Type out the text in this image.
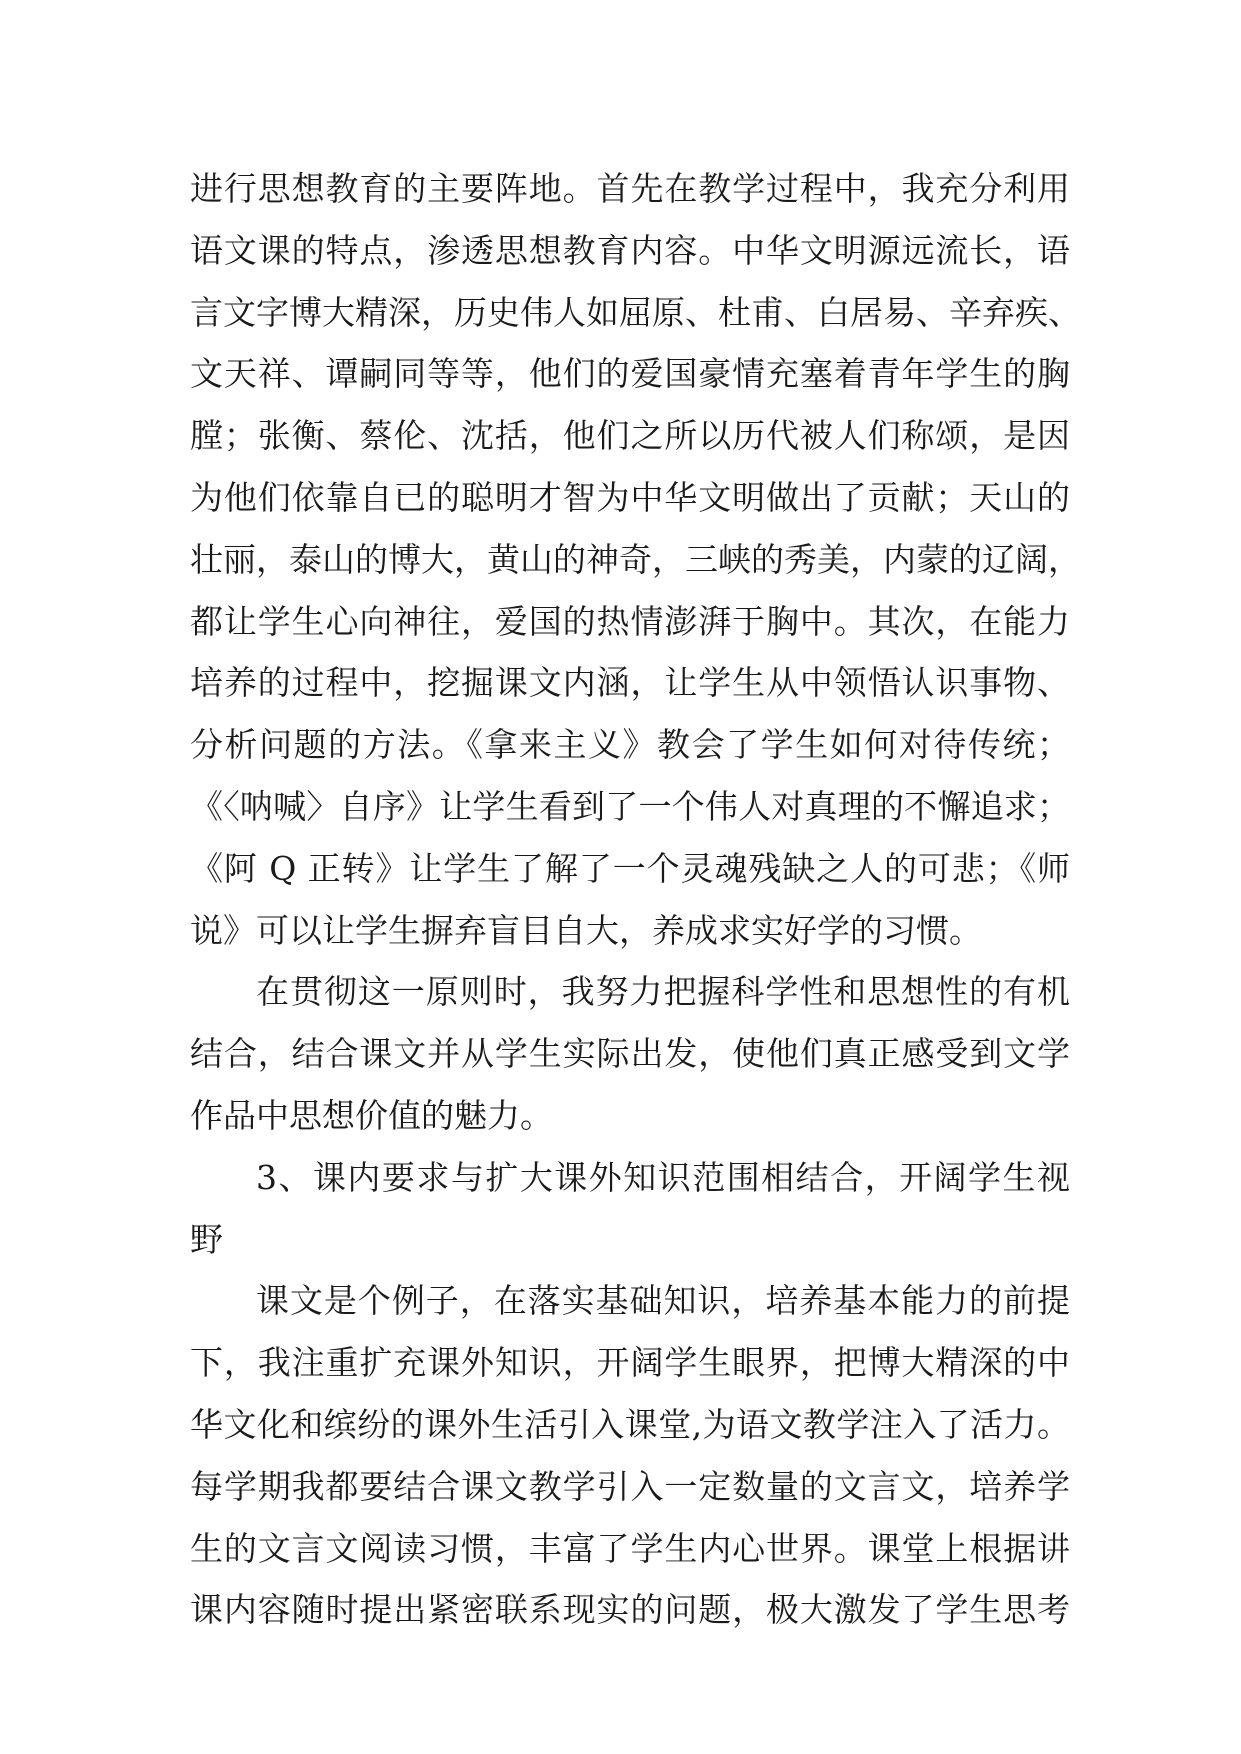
进行思想教育的主要阵地。首先在教学过程中，我充分利用
语文课的特点，渗透思想教育内容。中华文明源远流长，语
言文字博大精深，历史伟人如屈原、杜甫、白居易、辛弃疾、
文天祥、谭嗣同等等，他们的爱国豪情充塞着青年学生的胸
膛；张衡、蔡伦、沈括，他们之所以历代被人们称颂，是因
为他们依靠自已的聪明才智为中华文明做出了贡献；天山的
壮丽，泰山的博大，黄山的神奇，三峡的秀美，内蒙的辽阔，
都让学生心向神往，爱国的热情澎湃于胸中。其次，在能力
培养的过程中，挖掘课文内涵，让学生从中领悟认识事物、
分析问题的方法。《拿来主义》教会了学生如何对待传统；
《〈呐喊〉自序》让学生看到了一个伟人对真理的不懈追求；
《阿 Q 正转》让学生了解了一个灵魂残缺之人的可悲；《师
说》可以让学生摒弃盲目自大，养成求实好学的习惯。
在贯彻这一原则时，我努力把握科学性和思想性的有机
结合，结合课文并从学生实际出发，使他们真正感受到文学
作品中思想价值的魅力。
3、课内要求与扩大课外知识范围相结合，开阔学生视
野
课文是个例子，在落实基础知识，培养基本能力的前提
下，我注重扩充课外知识，开阔学生眼界，把博大精深的中
华文化和缤纷的课外生活引入课堂,为语文教学注入了活力。
每学期我都要结合课文教学引入一定数量的文言文，培养学
生的文言文阅读习惯，丰富了学生内心世界。课堂上根据讲
课内容随时提出紧密联系现实的问题，极大激发了学生思考
